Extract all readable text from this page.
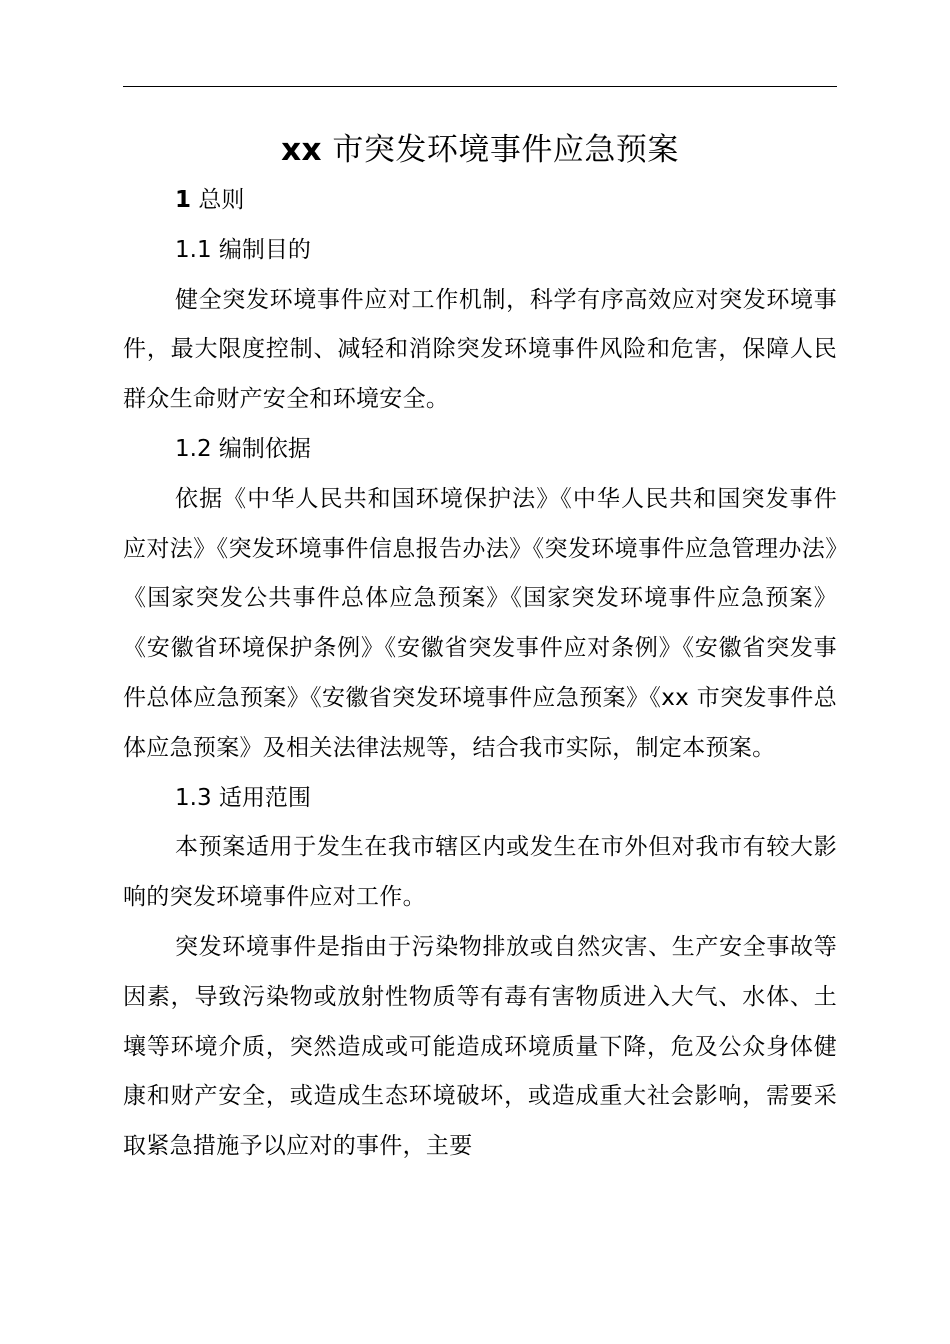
xx 市突发环境事件应急预案

1 总则

1.1 编制目的

健全突发环境事件应对工作机制，科学有序高效应对突发环境事件，最大限度控制、减轻和消除突发环境事件风险和危害，保障人民群众生命财产安全和环境安全。

1.2 编制依据

依据《中华人民共和国环境保护法》《中华人民共和国突发事件应对法》《突发环境事件信息报告办法》《突发环境事件应急管理办法》《国家突发公共事件总体应急预案》《国家突发环境事件应急预案》《安徽省环境保护条例》《安徽省突发事件应对条例》《安徽省突发事件总体应急预案》《安徽省突发环境事件应急预案》《xx 市突发事件总体应急预案》及相关法律法规等，结合我市实际，制定本预案。

1.3 适用范围

本预案适用于发生在我市辖区内或发生在市外但对我市有较大影响的突发环境事件应对工作。

突发环境事件是指由于污染物排放或自然灾害、生产安全事故等因素，导致污染物或放射性物质等有毒有害物质进入大气、水体、土壤等环境介质，突然造成或可能造成环境质量下降，危及公众身体健康和财产安全，或造成生态环境破坏，或造成重大社会影响，需要采取紧急措施予以应对的事件，主要
